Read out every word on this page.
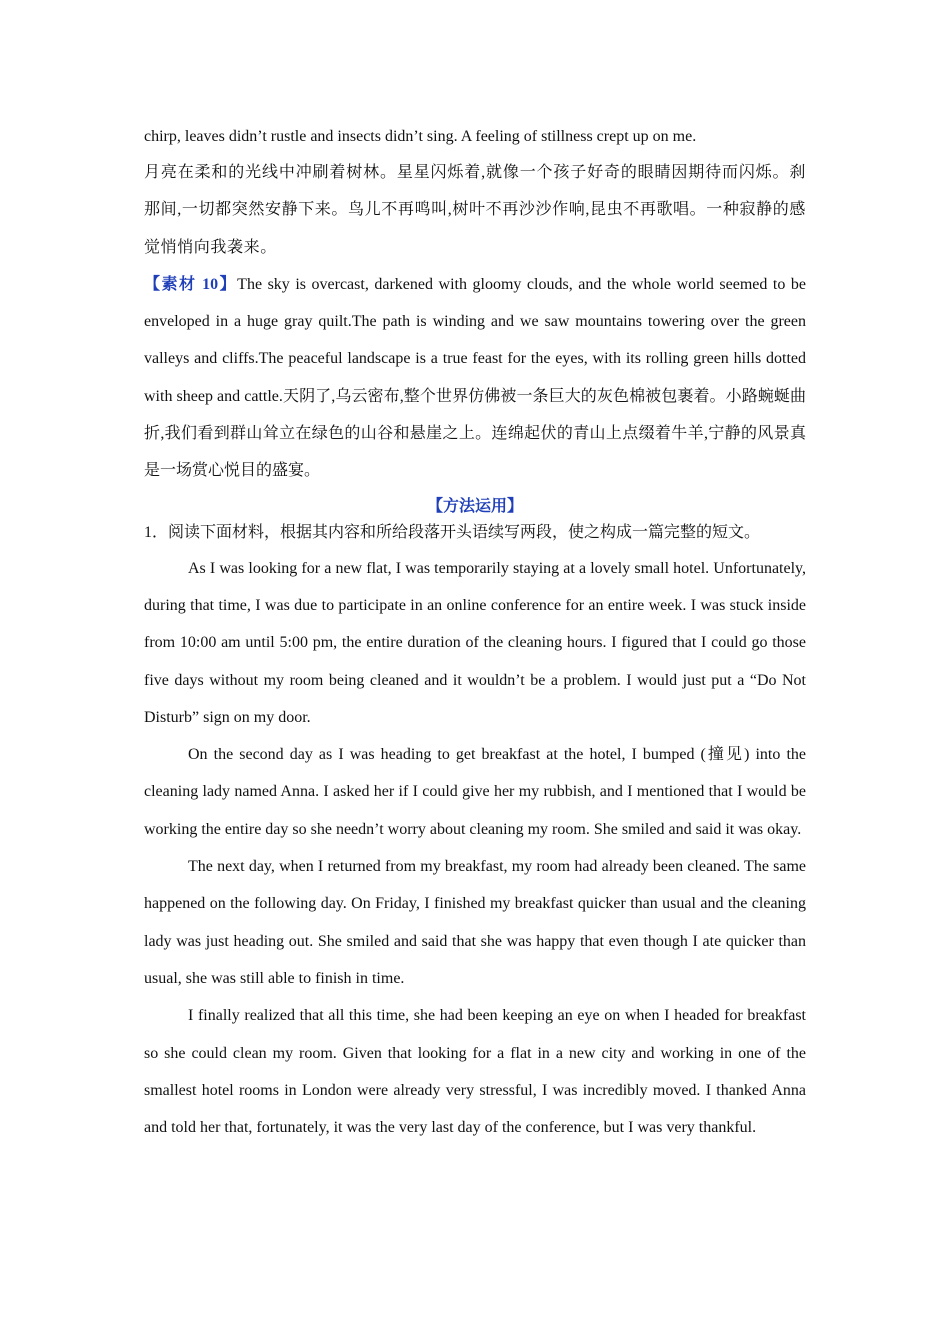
chirp, leaves didn’t rustle and insects didn’t sing. A feeling of stillness crept up on me.

月亮在柔和的光线中冲刷着树林。星星闪烁着,就像一个孩子好奇的眼睛因期待而闪烁。刹那间,一切都突然安静下来。鸟儿不再鸣叫,树叶不再沙沙作响,昆虫不再歌唱。一种寂静的感觉悄悄向我袭来。

【素材 10】The sky is overcast, darkened with gloomy clouds, and the whole world seemed to be enveloped in a huge gray quilt.The path is winding and we saw mountains towering over the green valleys and cliffs.The peaceful landscape is a true feast for the eyes, with its rolling green hills dotted with sheep and cattle.天阴了,乌云密布,整个世界仿佛被一条巨大的灰色棉被包裹着。小路蜿蜒曲折,我们看到群山耸立在绿色的山谷和悬崖之上。连绵起伏的青山上点缀着牛羊,宁静的风景真是一场赏心悦目的盛宴。

【方法运用】

1．阅读下面材料，根据其内容和所给段落开头语续写两段，使之构成一篇完整的短文。

As I was looking for a new flat, I was temporarily staying at a lovely small hotel. Unfortunately, during that time, I was due to participate in an online conference for an entire week. I was stuck inside from 10:00 am until 5:00 pm, the entire duration of the cleaning hours. I figured that I could go those five days without my room being cleaned and it wouldn’t be a problem. I would just put a “Do Not Disturb” sign on my door.

On the second day as I was heading to get breakfast at the hotel, I bumped (撞见) into the cleaning lady named Anna. I asked her if I could give her my rubbish, and I mentioned that I would be working the entire day so she needn’t worry about cleaning my room. She smiled and said it was okay.

The next day, when I returned from my breakfast, my room had already been cleaned. The same happened on the following day. On Friday, I finished my breakfast quicker than usual and the cleaning lady was just heading out. She smiled and said that she was happy that even though I ate quicker than usual, she was still able to finish in time.

I finally realized that all this time, she had been keeping an eye on when I headed for breakfast so she could clean my room. Given that looking for a flat in a new city and working in one of the smallest hotel rooms in London were already very stressful, I was incredibly moved. I thanked Anna and told her that, fortunately, it was the very last day of the conference, but I was very thankful.
